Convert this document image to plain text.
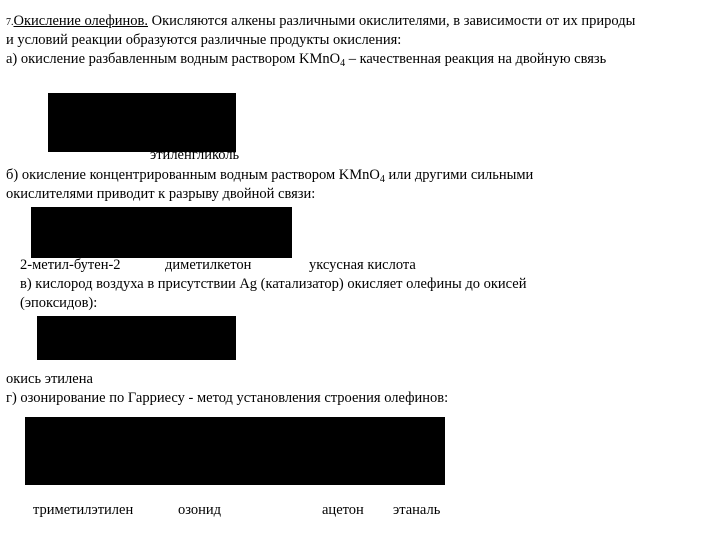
7.Окисление олефинов. Окисляются алкены различными окислителями, в зависимости от их природы
и условий реакции образуются различные продукты окисления:
а) окисление разбавленным водным раствором KMnO$_4$ – качественная реакция на двойную связь
этиленгликоль
б) окисление концентрированным водным раствором KMnO$_4$ или другими сильными
окислителями приводит к разрыву двойной связи:
2-метил-бутен-2	диметилкетон	уксусная кислота
в) кислород воздуха в присутствии Ag (катализатор) окисляет олефины до окисей
(эпоксидов):
окись этилена
г) озонирование по Гарриесу - метод установления строения олефинов:
триметилэтилен	озонид	ацетон этаналь
